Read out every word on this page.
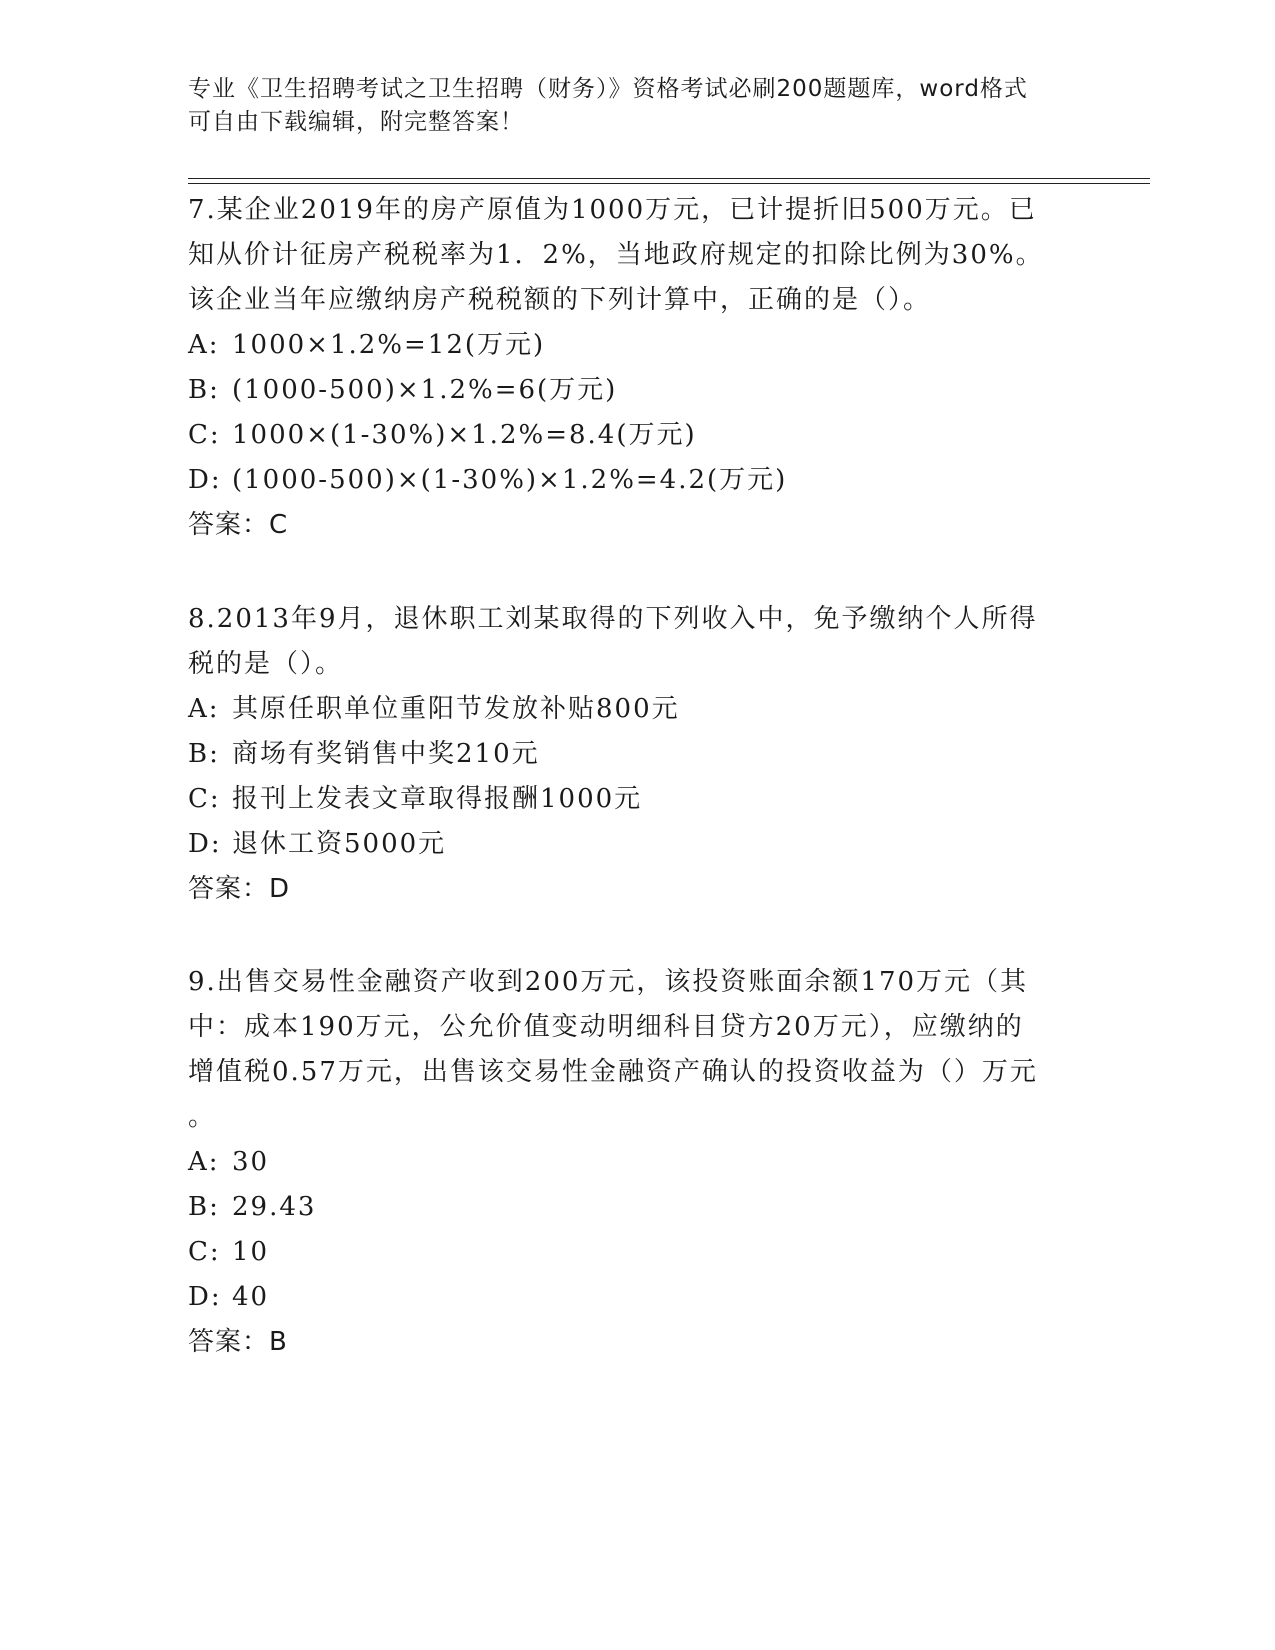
专业《卫生招聘考试之卫生招聘（财务）》资格考试必刷200题题库，word格式
可自由下载编辑，附完整答案！
7.某企业2019年的房产原值为1000万元，已计提折旧500万元。已
知从价计征房产税税率为1．2%，当地政府规定的扣除比例为30%。
该企业当年应缴纳房产税税额的下列计算中，正确的是（）。
A: 1000×1.2%=12(万元)
B: (1000-500)×1.2%=6(万元)
C: 1000×(1-30%)×1.2%=8.4(万元)
D: (1000-500)×(1-30%)×1.2%=4.2(万元)
答案：C
8.2013年9月，退休职工刘某取得的下列收入中，免予缴纳个人所得
税的是（）。
A: 其原任职单位重阳节发放补贴800元
B: 商场有奖销售中奖210元
C: 报刊上发表文章取得报酬1000元
D: 退休工资5000元
答案：D
9.出售交易性金融资产收到200万元，该投资账面余额170万元（其
中：成本190万元，公允价值变动明细科目贷方20万元），应缴纳的
增值税0.57万元，出售该交易性金融资产确认的投资收益为（）万元
。
A: 30
B: 29.43
C: 10
D: 40
答案：B
